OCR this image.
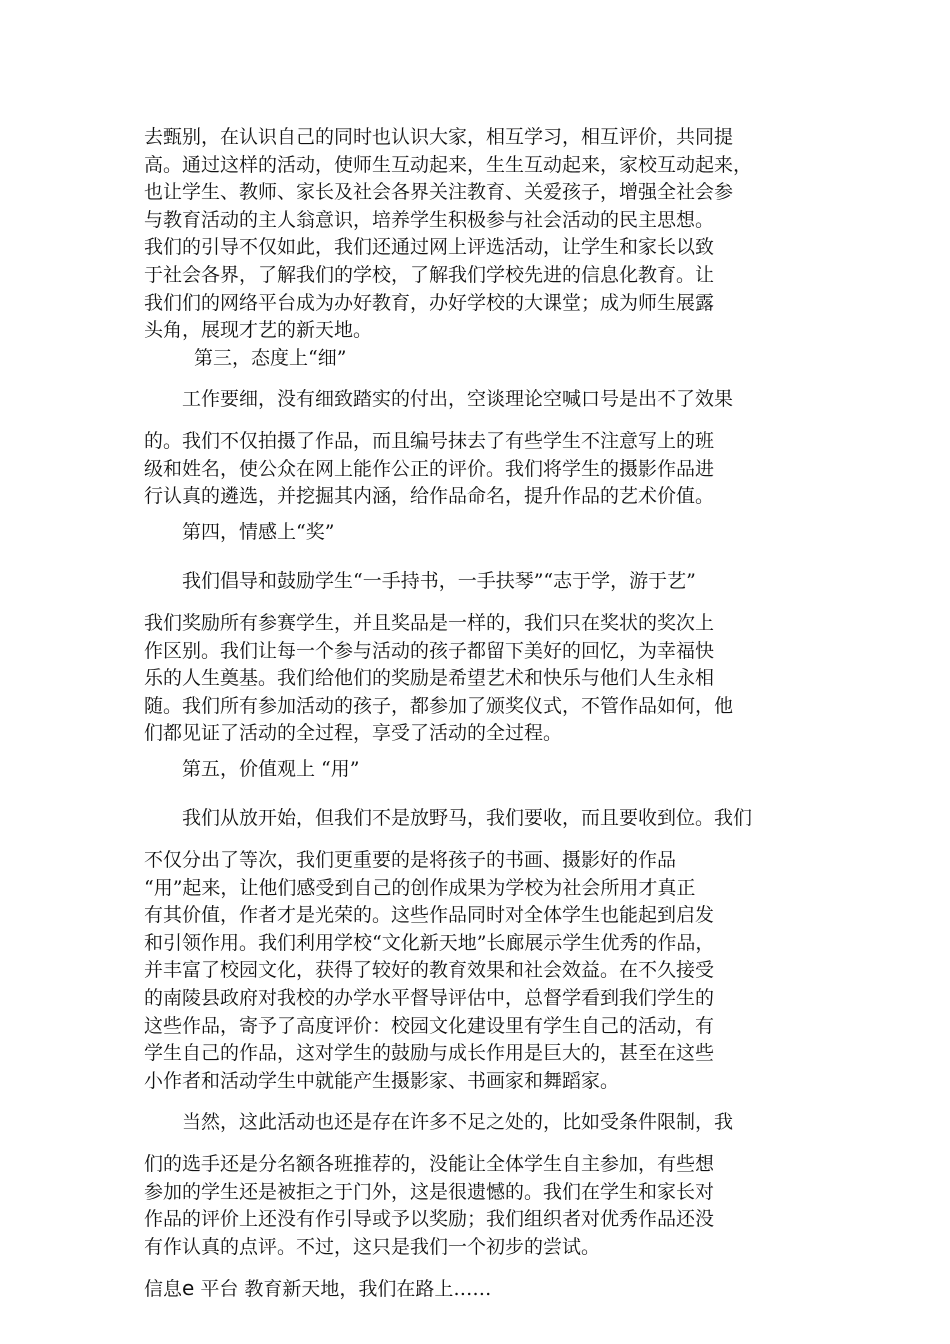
去甄别，在认识自己的同时也认识大家，相互学习，相互评价，共同提
高。通过这样的活动，使师生互动起来，生生互动起来，家校互动起来，
也让学生、教师、家长及社会各界关注教育、关爱孩子，增强全社会参
与教育活动的主人翁意识，培养学生积极参与社会活动的民主思想。
我们的引导不仅如此，我们还通过网上评选活动，让学生和家长以致
于社会各界，了解我们的学校，了解我们学校先进的信息化教育。让
我们们的网络平台成为办好教育，办好学校的大课堂；成为师生展露
头角，展现才艺的新天地。
第三，态度上“细”
工作要细，没有细致踏实的付出，空谈理论空喊口号是出不了效果
的。我们不仅拍摄了作品，而且编号抹去了有些学生不注意写上的班
级和姓名，使公众在网上能作公正的评价。我们将学生的摄影作品进
行认真的遴选，并挖掘其内涵，给作品命名，提升作品的艺术价值。
第四，情感上“奖”
我们倡导和鼓励学生“一手持书，一手扶琴”“志于学，游于艺”
我们奖励所有参赛学生，并且奖品是一样的，我们只在奖状的奖次上
作区别。我们让每一个参与活动的孩子都留下美好的回忆，为幸福快
乐的人生奠基。我们给他们的奖励是希望艺术和快乐与他们人生永相
随。我们所有参加活动的孩子，都参加了颁奖仪式，不管作品如何，他
们都见证了活动的全过程，享受了活动的全过程。
第五，价值观上 “用”
我们从放开始，但我们不是放野马，我们要收，而且要收到位。我们
不仅分出了等次，我们更重要的是将孩子的书画、摄影好的作品
“用”起来，让他们感受到自己的创作成果为学校为社会所用才真正
有其价值，作者才是光荣的。这些作品同时对全体学生也能起到启发
和引领作用。我们利用学校“文化新天地”长廊展示学生优秀的作品，
并丰富了校园文化，获得了较好的教育效果和社会效益。在不久接受
的南陵县政府对我校的办学水平督导评估中，总督学看到我们学生的
这些作品，寄予了高度评价：校园文化建设里有学生自己的活动，有
学生自己的作品，这对学生的鼓励与成长作用是巨大的，甚至在这些
小作者和活动学生中就能产生摄影家、书画家和舞蹈家。
当然，这此活动也还是存在许多不足之处的，比如受条件限制，我
们的选手还是分名额各班推荐的，没能让全体学生自主参加，有些想
参加的学生还是被拒之于门外，这是很遗憾的。我们在学生和家长对
作品的评价上还没有作引导或予以奖励；我们组织者对优秀作品还没
有作认真的点评。不过，这只是我们一个初步的尝试。
信息e 平台 教育新天地，我们在路上……
